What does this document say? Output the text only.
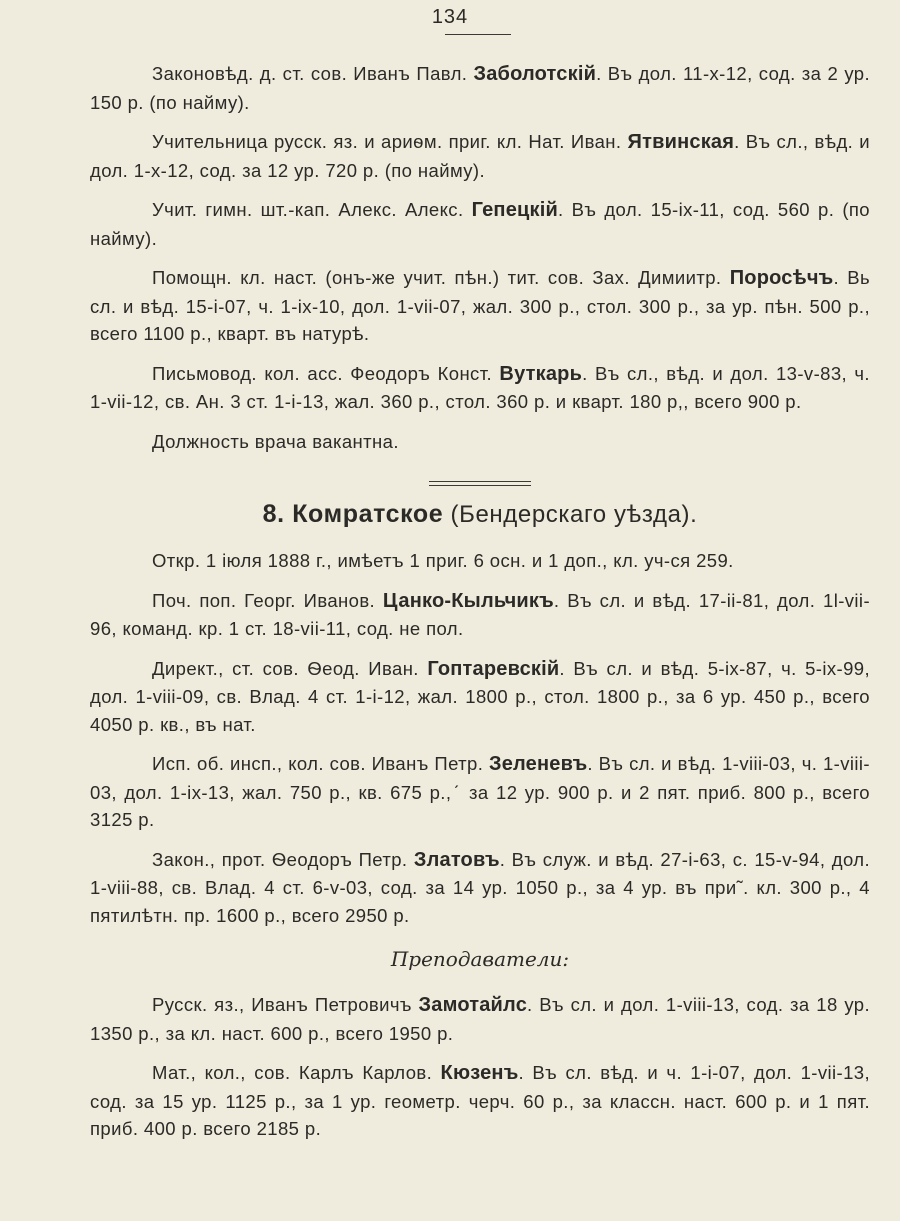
134

Законовѣд. д. ст. сов. Иванъ Павл. Заболотскій. Въ дол. 11-x-12, сод. за 2 ур. 150 р. (по найму).

Учительница русск. яз. и ариѳм. приг. кл. Нат. Иван. Ятвинская. Въ сл., вѣд. и дол. 1-x-12, сод. за 12 ур. 720 р. (по найму).

Учит. гимн. шт.-кап. Алекс. Алекс. Гепецкій. Въ дол. 15-ix-11, сод. 560 р. (по найму).

Помощн. кл. наст. (онъ-же учит. пѣн.) тит. сов. Зах. Димиитр. Поросѣчъ. Вь сл. и вѣд. 15-i-07, ч. 1-ix-10, дол. 1-vii-07, жал. 300 р., стол. 300 р., за ур. пѣн. 500 р., всего 1100 р., кварт. въ натурѣ.

Письмовод. кол. асс. Феодоръ Конст. Вуткарь. Въ сл., вѣд. и дол. 13-v-83, ч. 1-vii-12, св. Ан. 3 ст. 1-i-13, жал. 360 р., стол. 360 р. и кварт. 180 р,, всего 900 р.

Должность врача вакантна.

8. Комратское (Бендерскаго уѣзда).

Откр. 1 іюля 1888 г., имѣетъ 1 приг. 6 осн. и 1 доп., кл. уч-ся 259.

Поч. поп. Георг. Иванов. Цанко-Кыльчикъ. Въ сл. и вѣд. 17-ii-81, дол. 1l-vii-96, команд. кр. 1 ст. 18-vii-11, сод. не пол.

Директ., ст. сов. Ѳеод. Иван. Гоптаревскій. Въ сл. и вѣд. 5-ix-87, ч. 5-ix-99, дол. 1-viii-09, св. Влад. 4 ст. 1-i-12, жал. 1800 р., стол. 1800 р., за 6 ур. 450 р., всего 4050 р. кв., въ нат.

Исп. об. инсп., кол. сов. Иванъ Петр. Зеленевъ. Въ сл. и вѣд. 1-viii-03, ч. 1-viii-03, дол. 1-ix-13, жал. 750 р., кв. 675 р.,ˊ за 12 ур. 900 р. и 2 пят. приб. 800 р., всего 3125 р.

Закон., прот. Ѳеодоръ Петр. Златовъ. Въ служ. и вѣд. 27-i-63, с. 15-v-94, дол. 1-viii-88, св. Влад. 4 ст. 6-v-03, сод. за 14 ур. 1050 р., за 4 ур. въ при˜. кл. 300 р., 4 пятилѣтн. пр. 1600 р., всего 2950 р.

Преподаватели:

Русск. яз., Иванъ Петровичъ Замотайлс. Въ сл. и дол. 1-viii-13, сод. за 18 ур. 1350 р., за кл. наст. 600 р., всего 1950 р.

Мат., кол., сов. Карлъ Карлов. Кюзенъ. Въ сл. вѣд. и ч. 1-i-07, дол. 1-vii-13, сод. за 15 ур. 1125 р., за 1 ур. геометр. черч. 60 р., за классн. наст. 600 р. и 1 пят. приб. 400 р. всего 2185 р.
